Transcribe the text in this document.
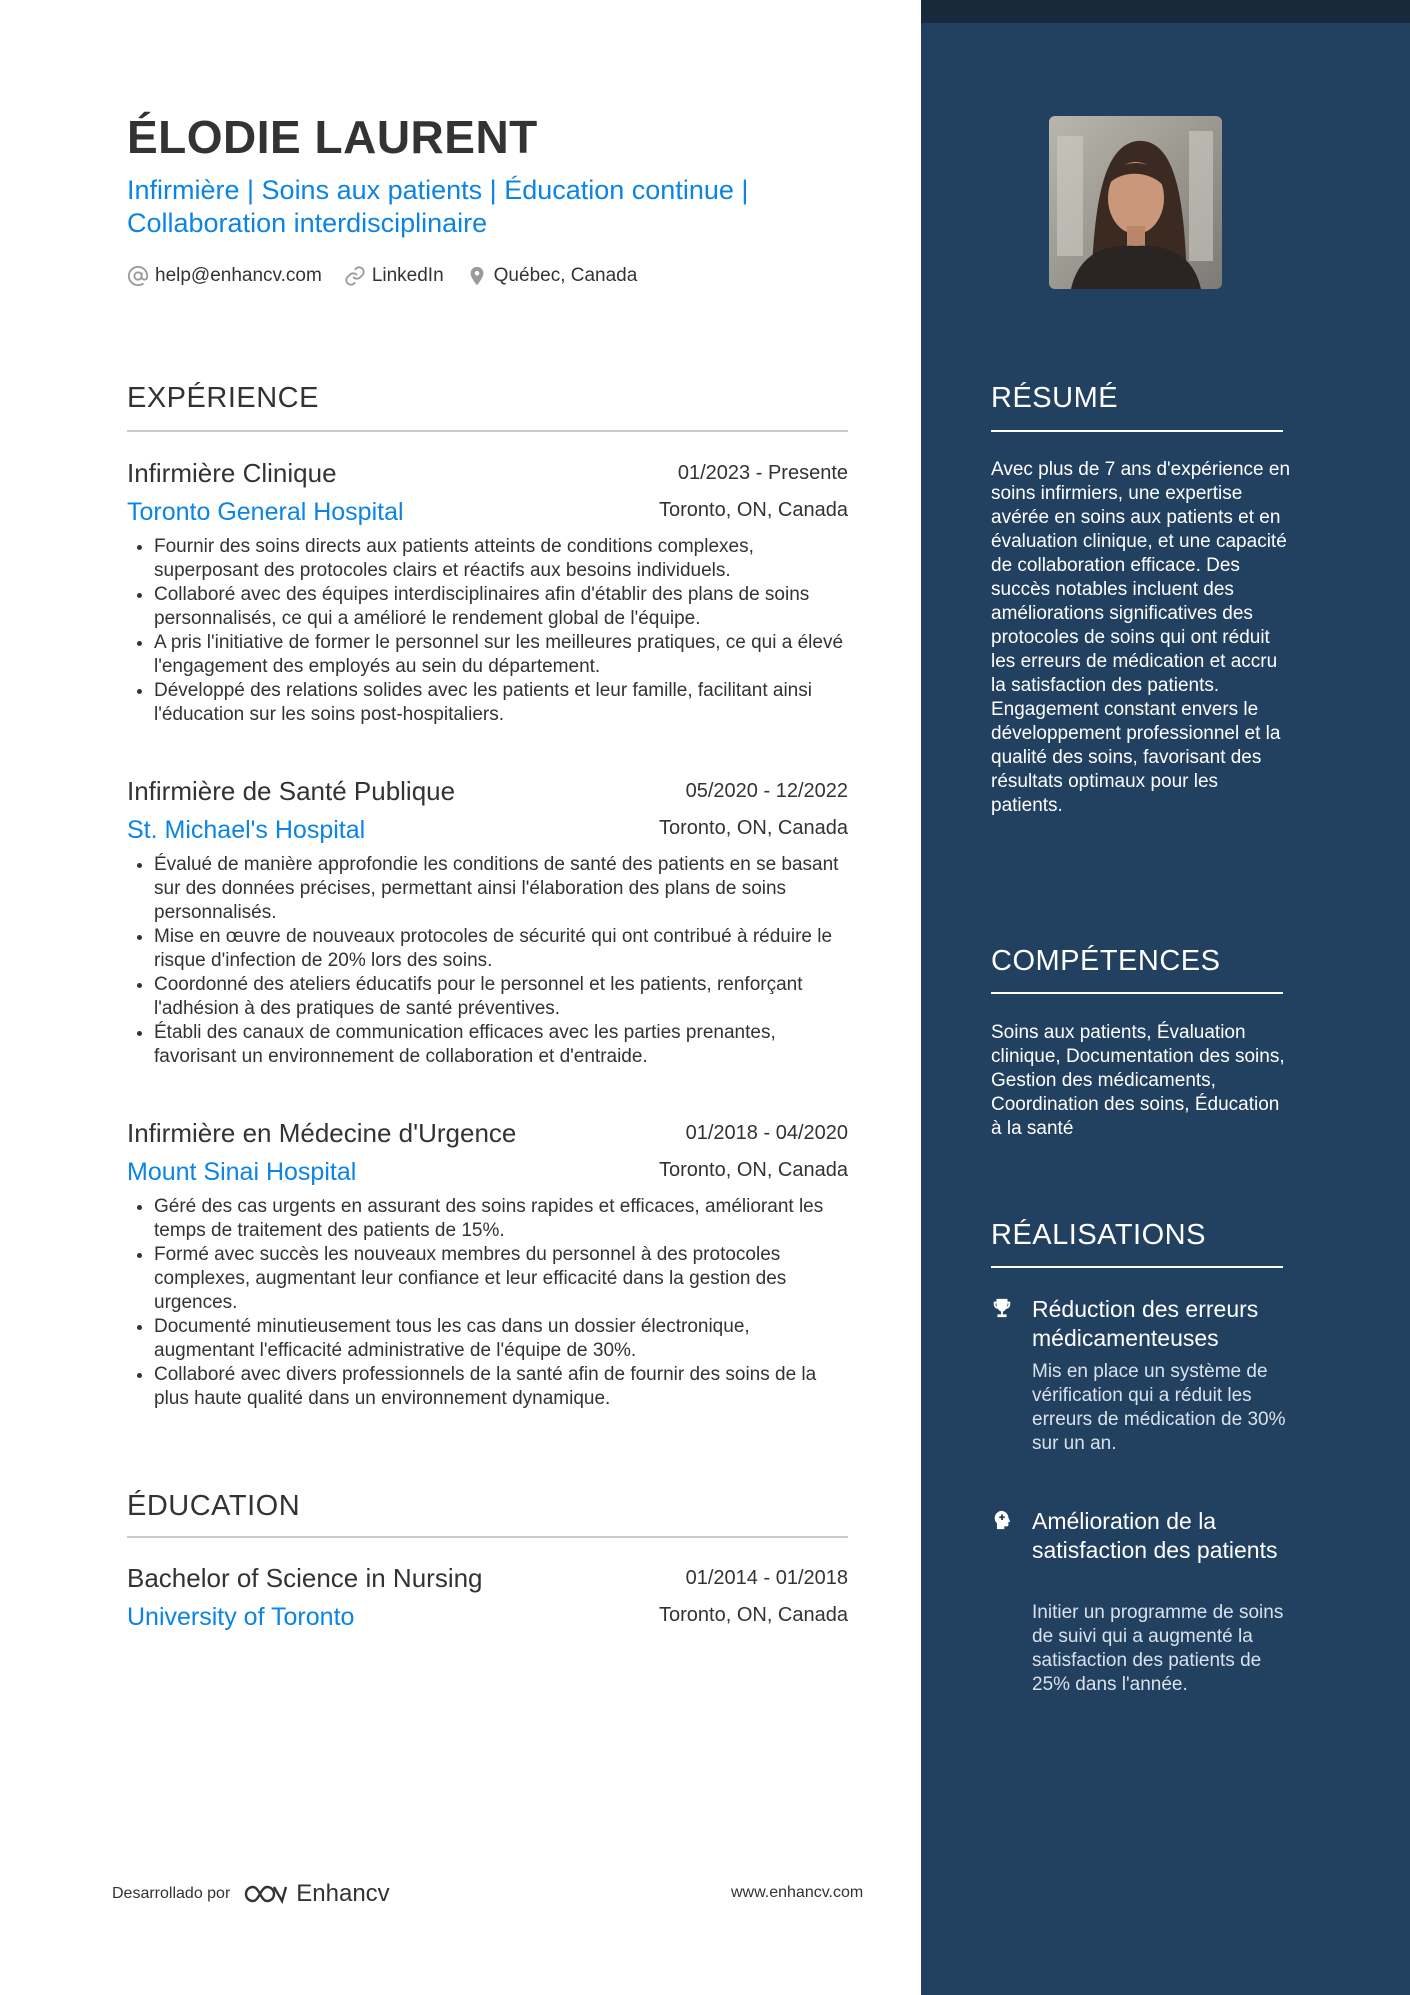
ÉLODIE LAURENT
Infirmière | Soins aux patients | Éducation continue | Collaboration interdisciplinaire
help@enhancv.com	LinkedIn	Québec, Canada
EXPÉRIENCE
Infirmière Clinique	01/2023 - Presente
Toronto General Hospital	Toronto, ON, Canada
• Fournir des soins directs aux patients atteints de conditions complexes, superposant des protocoles clairs et réactifs aux besoins individuels.
• Collaboré avec des équipes interdisciplinaires afin d'établir des plans de soins personnalisés, ce qui a amélioré le rendement global de l'équipe.
• A pris l'initiative de former le personnel sur les meilleures pratiques, ce qui a élevé l'engagement des employés au sein du département.
• Développé des relations solides avec les patients et leur famille, facilitant ainsi l'éducation sur les soins post-hospitaliers.
Infirmière de Santé Publique	05/2020 - 12/2022
St. Michael's Hospital	Toronto, ON, Canada
• Évalué de manière approfondie les conditions de santé des patients en se basant sur des données précises, permettant ainsi l'élaboration des plans de soins personnalisés.
• Mise en œuvre de nouveaux protocoles de sécurité qui ont contribué à réduire le risque d'infection de 20% lors des soins.
• Coordonné des ateliers éducatifs pour le personnel et les patients, renforçant l'adhésion à des pratiques de santé préventives.
• Établi des canaux de communication efficaces avec les parties prenantes, favorisant un environnement de collaboration et d'entraide.
Infirmière en Médecine d'Urgence	01/2018 - 04/2020
Mount Sinai Hospital	Toronto, ON, Canada
• Géré des cas urgents en assurant des soins rapides et efficaces, améliorant les temps de traitement des patients de 15%.
• Formé avec succès les nouveaux membres du personnel à des protocoles complexes, augmentant leur confiance et leur efficacité dans la gestion des urgences.
• Documenté minutieusement tous les cas dans un dossier électronique, augmentant l'efficacité administrative de l'équipe de 30%.
• Collaboré avec divers professionnels de la santé afin de fournir des soins de la plus haute qualité dans un environnement dynamique.
ÉDUCATION
Bachelor of Science in Nursing	01/2014 - 01/2018
University of Toronto	Toronto, ON, Canada
RÉSUMÉ
Avec plus de 7 ans d'expérience en soins infirmiers, une expertise avérée en soins aux patients et en évaluation clinique, et une capacité de collaboration efficace. Des succès notables incluent des améliorations significatives des protocoles de soins qui ont réduit les erreurs de médication et accru la satisfaction des patients. Engagement constant envers le développement professionnel et la qualité des soins, favorisant des résultats optimaux pour les patients.
COMPÉTENCES
Soins aux patients, Évaluation clinique, Documentation des soins, Gestion des médicaments, Coordination des soins, Éducation à la santé
RÉALISATIONS
Réduction des erreurs médicamenteuses
Mis en place un système de vérification qui a réduit les erreurs de médication de 30% sur un an.
Amélioration de la satisfaction des patients
Initier un programme de soins de suivi qui a augmenté la satisfaction des patients de 25% dans l'année.
Desarrollado por	Enhancv	www.enhancv.com
